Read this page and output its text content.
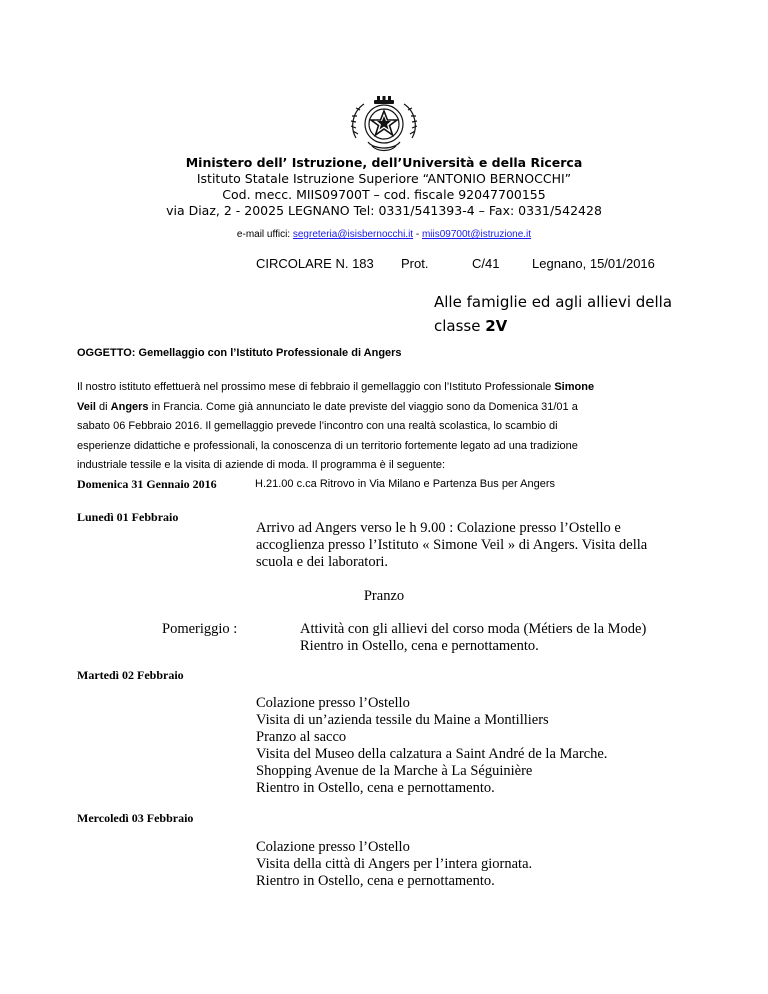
Ministero dell’ Istruzione, dell’Università e della Ricerca
Istituto Statale Istruzione Superiore “ANTONIO BERNOCCHI”
Cod. mecc. MIIS09700T – cod. fiscale 92047700155
via Diaz, 2 - 20025 LEGNANO Tel: 0331/541393-4 – Fax: 0331/542428
e-mail uffici: segreteria@isisbernocchi.it - miis09700t@istruzione.it
CIRCOLARE N. 183 Prot.	C/41	Legnano, 15/01/2016
Alle famiglie ed agli allievi della
classe 2V
OGGETTO: Gemellaggio con l’Istituto Professionale di Angers
Il nostro istituto effettuerà nel prossimo mese di febbraio il gemellaggio con l’Istituto Professionale Simone
Veil di Angers in Francia. Come già annunciato le date previste del viaggio sono da Domenica 31/01 a
sabato 06 Febbraio 2016. Il gemellaggio prevede l’incontro con una realtà scolastica, lo scambio di
esperienze didattiche e professionali, la conoscenza di un territorio fortemente legato ad una tradizione
industriale tessile e la visita di aziende di moda. Il programma è il seguente:
Domenica 31 Gennaio 2016	H.21.00 c.ca Ritrovo in Via Milano e Partenza Bus per Angers
Lunedì 01 Febbraio
Arrivo ad Angers verso le h 9.00 : Colazione presso l’Ostello e
accoglienza presso l’Istituto « Simone Veil » di Angers. Visita della
scuola e dei laboratori.
Pranzo
Pomeriggio :	Attività con gli allievi del corso moda (Métiers de la Mode)
Rientro in Ostello, cena e pernottamento.
Martedì 02 Febbraio
Colazione presso l’Ostello
Visita di un’azienda tessile du Maine a Montilliers
Pranzo al sacco
Visita del Museo della calzatura a Saint André de la Marche.
Shopping Avenue de la Marche à La Séguinière
Rientro in Ostello, cena e pernottamento.
Mercoledì 03 Febbraio
Colazione presso l’Ostello
Visita della città di Angers per l’intera giornata.
Rientro in Ostello, cena e pernottamento.
